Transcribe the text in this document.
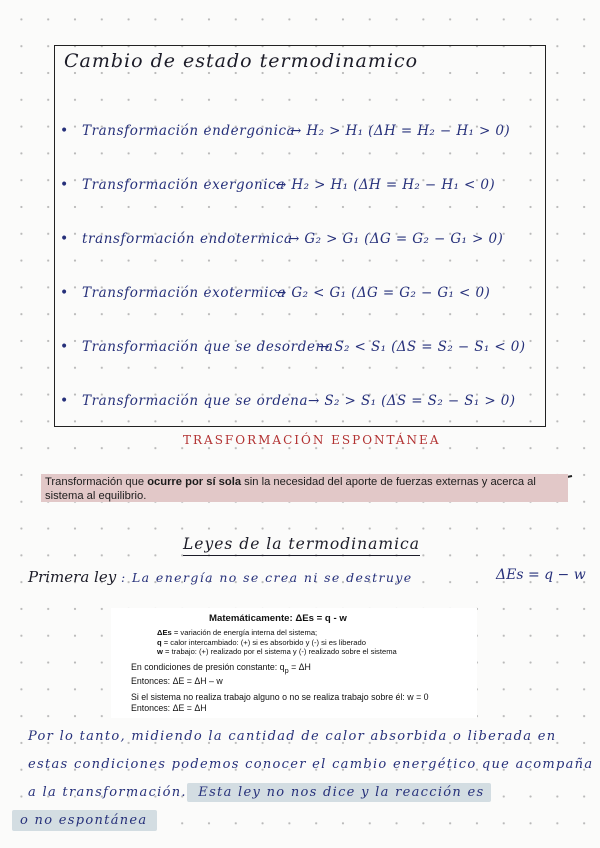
Cambio de estado termodinamico
•	Transformación endergonica
→ H₂ > H₁ (ΔH = H₂ − H₁ > 0)
•	Transformación exergonica
→ H₂ > H₁ (ΔH = H₂ − H₁ < 0)
•	transformación endotermica
→ G₂ > G₁ (ΔG = G₂ − G₁ > 0)
•	Transformación exotermica
→ G₂ < G₁ (ΔG = G₂ − G₁ < 0)
•	Transformación que se desordena
→ S₂ < S₁ (ΔS = S₂ − S₁ < 0)
•	Transformación que se ordena → S₂ > S₁ (ΔS = S₂ − S₁ > 0)
TRASFORMACIÓN ESPONTÁNEA
Transformación que ocurre por sí sola sin la necesidad del aporte de fuerzas externas y acerca al sistema al equilibrio.
Leyes de la termodinamica
Primera ley : La energía no se crea ni se destruye	ΔEs = q − w
Matemáticamente: ΔEs = q - w
ΔEs = variación de energía interna del sistema;
q = calor intercambiado: (+) si es absorbido y (-) si es liberado
w = trabajo: (+) realizado por el sistema y (-) realizado sobre el sistema
En condiciones de presión constante: $q_p = \Delta H$
Entonces: ΔE = ΔH – w
Si el sistema no realiza trabajo alguno o no se realiza trabajo sobre él: w = 0
Entonces: ΔE = ΔH
Por lo tanto, midiendo la cantidad de calor absorbida o liberada en
estas condiciones podemos conocer el cambio energético que acompaña
a la transformación. Esta ley no nos dice y la reacción es
o no espontánea
